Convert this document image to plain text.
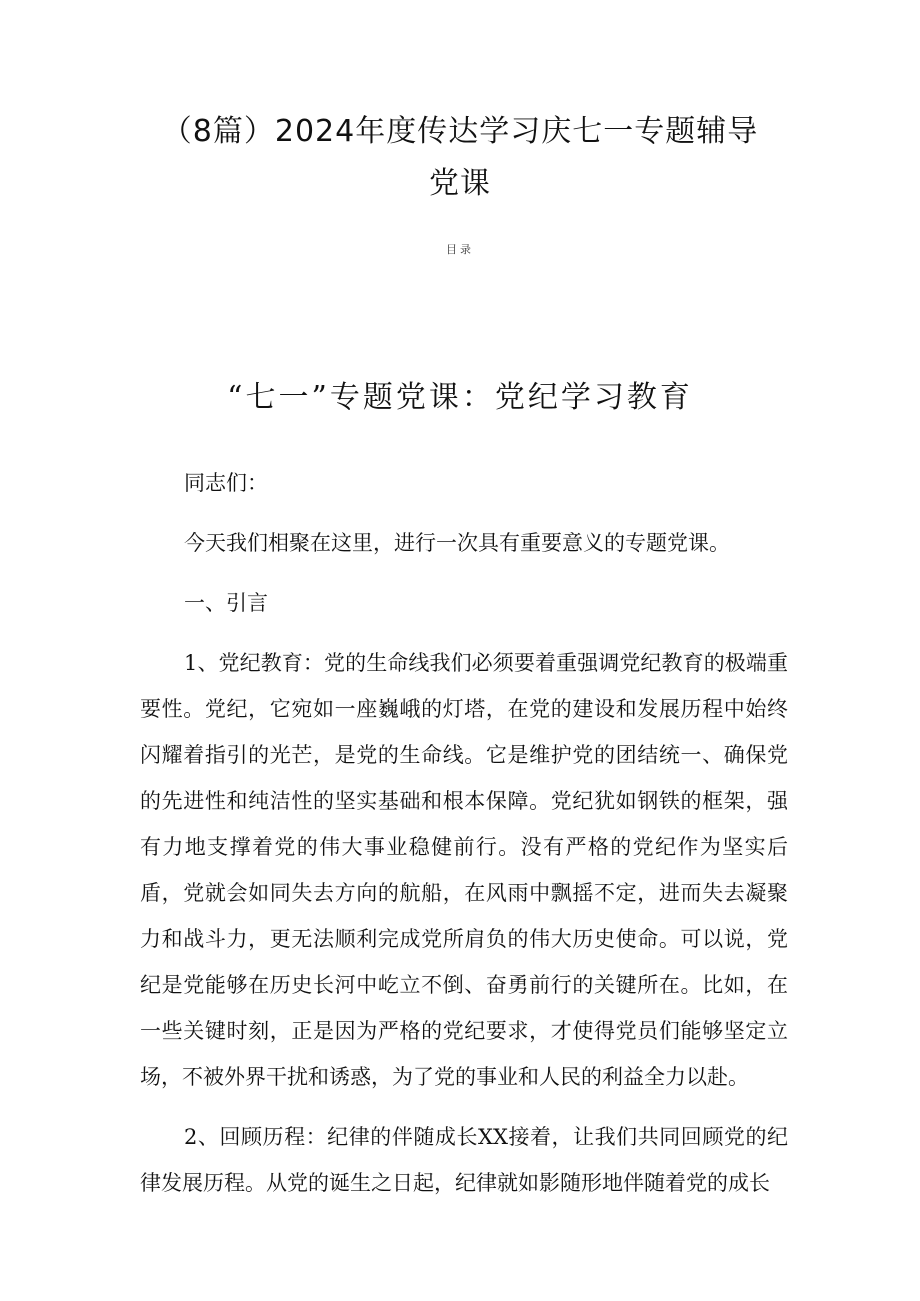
（8篇）2024年度传达学习庆七一专题辅导党课
目录
“七一”专题党课：党纪学习教育

同志们：

今天我们相聚在这里，进行一次具有重要意义的专题党课。

一、引言

1、党纪教育：党的生命线我们必须要着重强调党纪教育的极端重要性。党纪，它宛如一座巍峨的灯塔，在党的建设和发展历程中始终闪耀着指引的光芒，是党的生命线。它是维护党的团结统一、确保党的先进性和纯洁性的坚实基础和根本保障。党纪犹如钢铁的框架，强有力地支撑着党的伟大事业稳健前行。没有严格的党纪作为坚实后盾，党就会如同失去方向的航船，在风雨中飘摇不定，进而失去凝聚力和战斗力，更无法顺利完成党所肩负的伟大历史使命。可以说，党纪是党能够在历史长河中屹立不倒、奋勇前行的关键所在。比如，在一些关键时刻，正是因为严格的党纪要求，才使得党员们能够坚定立场，不被外界干扰和诱惑，为了党的事业和人民的利益全力以赴。

2、回顾历程：纪律的伴随成长XX接着，让我们共同回顾党的纪律发展历程。从党的诞生之日起，纪律就如影随形地伴随着党的成长
